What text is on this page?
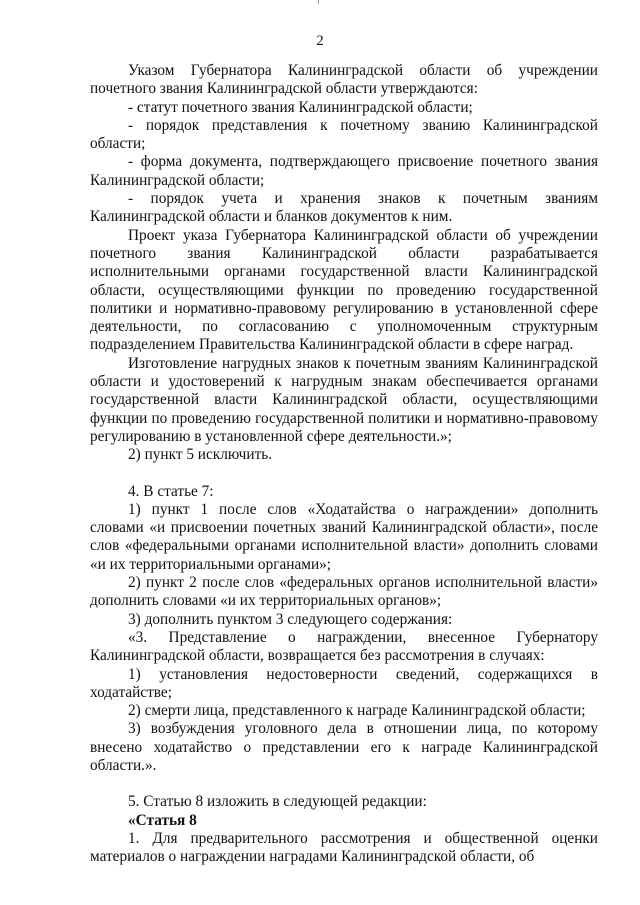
2

Указом Губернатора Калининградской области об учреждении почетного звания Калининградской области утверждаются:

- статут почетного звания Калининградской области;

- порядок представления к почетному званию Калининградской области;

- форма документа, подтверждающего присвоение почетного звания Калининградской области;

- порядок учета и хранения знаков к почетным званиям Калининградской области и бланков документов к ним.

Проект указа Губернатора Калининградской области об учреждении почетного звания Калининградской области разрабатывается исполнительными органами государственной власти Калининградской области, осуществляющими функции по проведению государственной политики и нормативно-правовому регулированию в установленной сфере деятельности, по согласованию с уполномоченным структурным подразделением Правительства Калининградской области в сфере наград.

Изготовление нагрудных знаков к почетным званиям Калининградской области и удостоверений к нагрудным знакам обеспечивается органами государственной власти Калининградской области, осуществляющими функции по проведению государственной политики и нормативно-правовому регулированию в установленной сфере деятельности.»;

2) пункт 5 исключить.

4. В статье 7:

1) пункт 1 после слов «Ходатайства о награждении» дополнить словами «и присвоении почетных званий Калининградской области», после слов «федеральными органами исполнительной власти» дополнить словами «и их территориальными органами»;

2) пункт 2 после слов «федеральных органов исполнительной власти» дополнить словами «и их территориальных органов»;

3) дополнить пунктом 3 следующего содержания:

«3. Представление о награждении, внесенное Губернатору Калининградской области, возвращается без рассмотрения в случаях:

1) установления недостоверности сведений, содержащихся в ходатайстве;

2) смерти лица, представленного к награде Калининградской области;

3) возбуждения уголовного дела в отношении лица, по которому внесено ходатайство о представлении его к награде Калининградской области.».

5. Статью 8 изложить в следующей редакции:

«Статья 8

1. Для предварительного рассмотрения и общественной оценки материалов о награждении наградами Калининградской области, об
